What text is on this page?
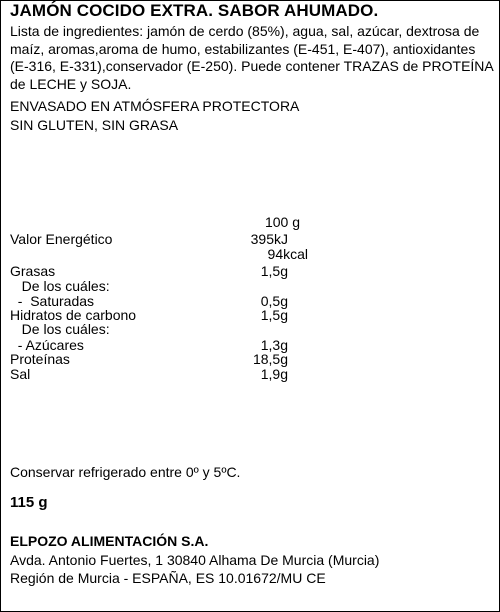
JAMÓN COCIDO EXTRA. SABOR AHUMADO.
Lista de ingredientes: jamón de cerdo (85%), agua, sal, azúcar, dextrosa de maíz, aromas,aroma de humo, estabilizantes (E-451, E-407), antioxidantes (E-316, E-331),conservador (E-250). Puede contener TRAZAS de PROTEÍNA de LECHE y SOJA.
ENVASADO EN ATMÓSFERA PROTECTORA
SIN GLUTEN, SIN GRASA
100 g
Valor Energético	395kJ
94kcal
Grasas	1,5g
De los cuáles:
-  Saturadas	0,5g
Hidratos de carbono	1,5g
De los cuáles:
- Azúcares	1,3g
Proteínas	18,5g
Sal	1,9g
Conservar refrigerado entre 0º y 5ºC.
115 g
ELPOZO ALIMENTACIÓN S.A.
Avda. Antonio Fuertes, 1 30840 Alhama De Murcia (Murcia)
Región de Murcia - ESPAÑA, ES 10.01672/MU CE
